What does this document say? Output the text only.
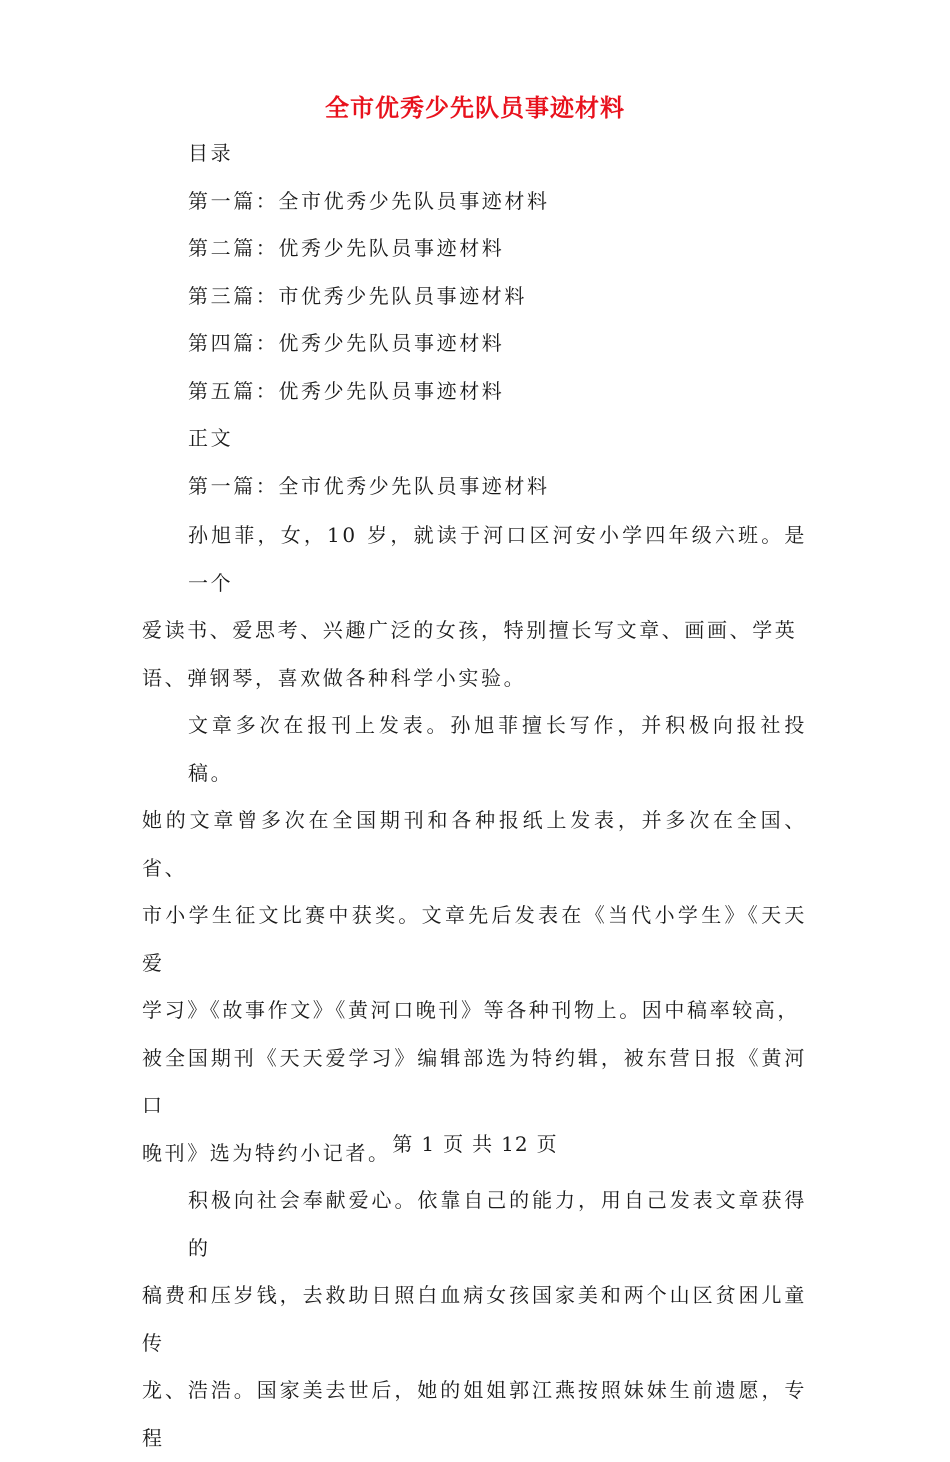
全市优秀少先队员事迹材料
目录
第一篇：全市优秀少先队员事迹材料
第二篇：优秀少先队员事迹材料
第三篇：市优秀少先队员事迹材料
第四篇：优秀少先队员事迹材料
第五篇：优秀少先队员事迹材料
正文
第一篇：全市优秀少先队员事迹材料
孙旭菲，女，10 岁，就读于河口区河安小学四年级六班。是一个
爱读书、爱思考、兴趣广泛的女孩，特别擅长写文章、画画、学英
语、弹钢琴，喜欢做各种科学小实验。
文章多次在报刊上发表。孙旭菲擅长写作，并积极向报社投稿。
她的文章曾多次在全国期刊和各种报纸上发表，并多次在全国、省、
市小学生征文比赛中获奖。文章先后发表在《当代小学生》《天天爱
学习》《故事作文》《黄河口晚刊》等各种刊物上。因中稿率较高，
被全国期刊《天天爱学习》编辑部选为特约辑，被东营日报《黄河口
晚刊》选为特约小记者。
积极向社会奉献爱心。依靠自己的能力，用自己发表文章获得的
稿费和压岁钱，去救助日照白血病女孩国家美和两个山区贫困儿童传
龙、浩浩。国家美去世后，她的姐姐郭江燕按照妹妹生前遗愿，专程
第 1 页 共 12 页
